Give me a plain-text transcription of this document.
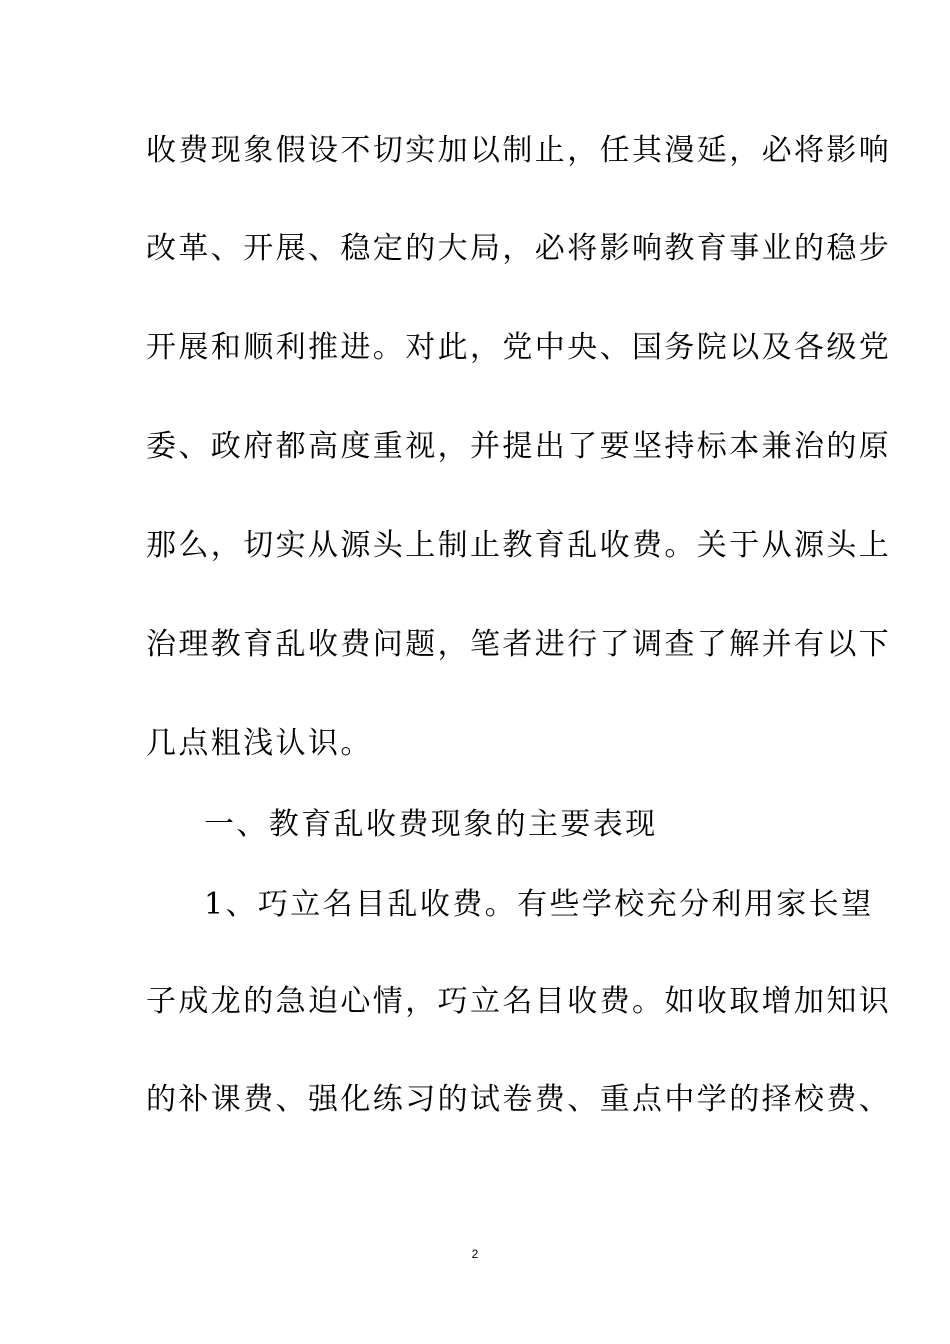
收费现象假设不切实加以制止，任其漫延，必将影响
改革、开展、稳定的大局，必将影响教育事业的稳步
开展和顺利推进。对此，党中央、国务院以及各级党
委、政府都高度重视，并提出了要坚持标本兼治的原
那么，切实从源头上制止教育乱收费。关于从源头上
治理教育乱收费问题，笔者进行了调查了解并有以下
几点粗浅认识。
一、教育乱收费现象的主要表现
1、巧立名目乱收费。有些学校充分利用家长望
子成龙的急迫心情，巧立名目收费。如收取增加知识
的补课费、强化练习的试卷费、重点中学的择校费、
2
